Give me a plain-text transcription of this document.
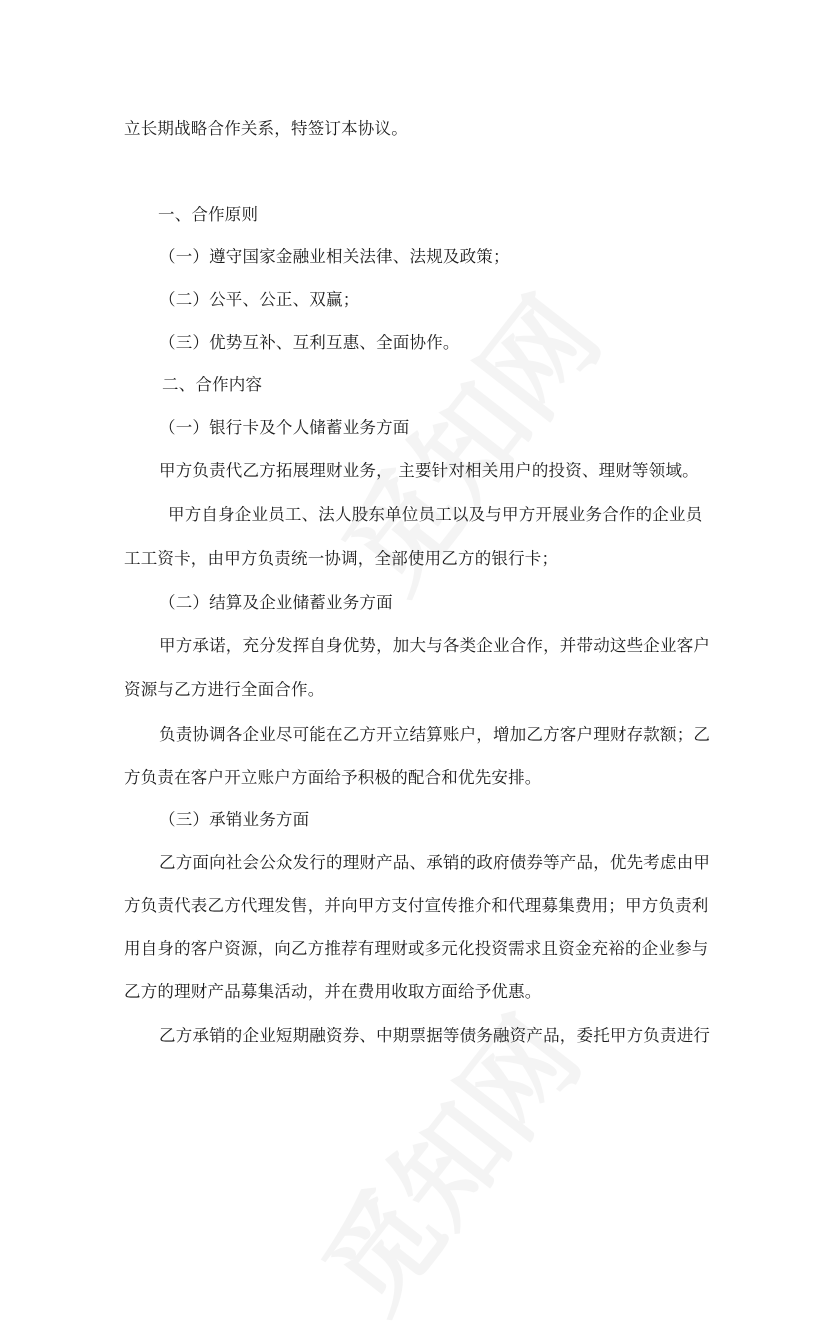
立长期战略合作关系，特签订本协议。
一、合作原则
（一）遵守国家金融业相关法律、法规及政策；
（二）公平、公正、双赢；
（三）优势互补、互利互惠、全面协作。
二、合作内容
（一）银行卡及个人储蓄业务方面
甲方负责代乙方拓展理财业务， 主要针对相关用户的投资、理财等领域。
甲方自身企业员工、法人股东单位员工以及与甲方开展业务合作的企业员
工工资卡，由甲方负责统一协调，全部使用乙方的银行卡；
（二）结算及企业储蓄业务方面
甲方承诺，充分发挥自身优势，加大与各类企业合作，并带动这些企业客户
资源与乙方进行全面合作。
负责协调各企业尽可能在乙方开立结算账户，增加乙方客户理财存款额；乙
方负责在客户开立账户方面给予积极的配合和优先安排。
（三）承销业务方面
乙方面向社会公众发行的理财产品、承销的政府债券等产品，优先考虑由甲
方负责代表乙方代理发售，并向甲方支付宣传推介和代理募集费用；甲方负责利
用自身的客户资源，向乙方推荐有理财或多元化投资需求且资金充裕的企业参与
乙方的理财产品募集活动，并在费用收取方面给予优惠。
乙方承销的企业短期融资券、中期票据等债务融资产品，委托甲方负责进行
